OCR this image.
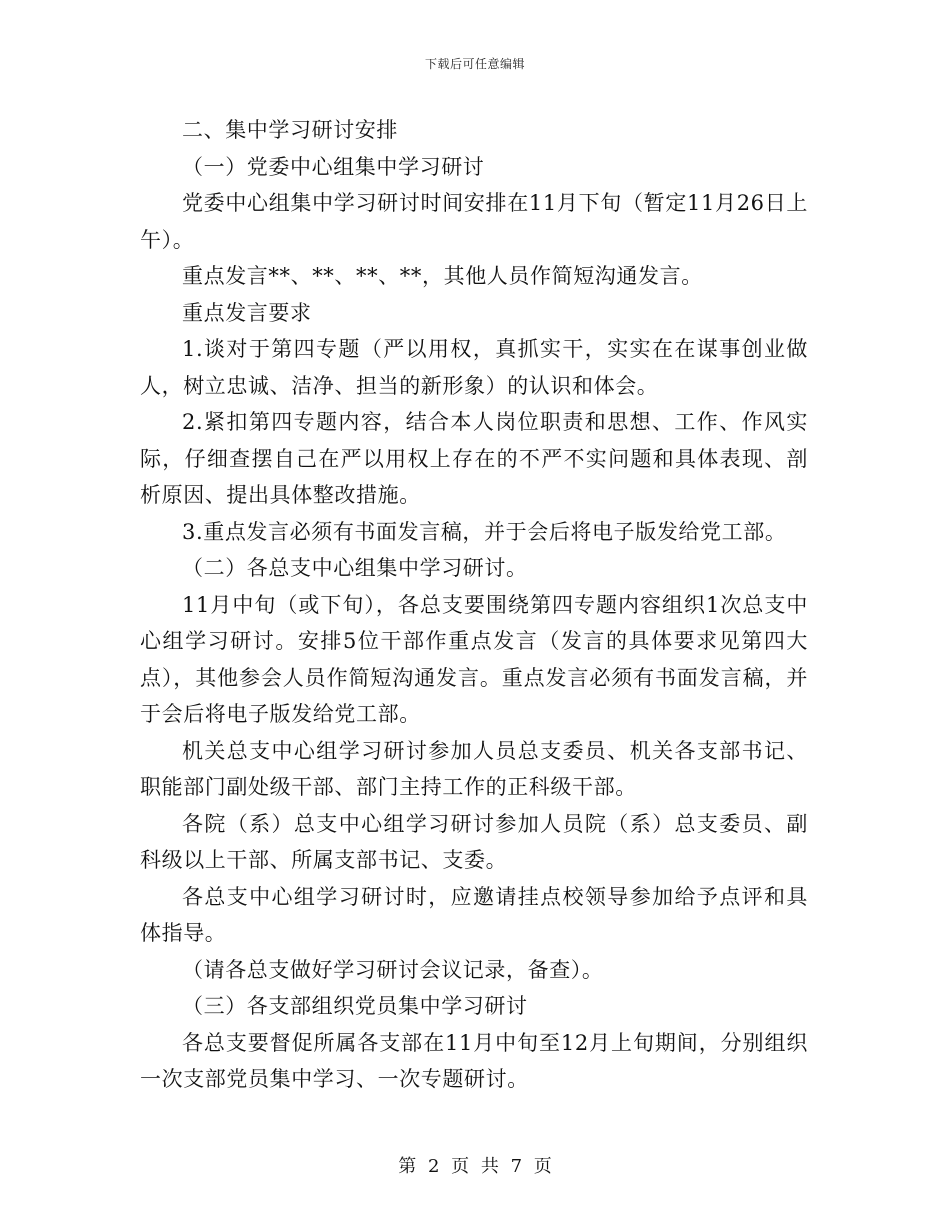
下载后可任意编辑

二、集中学习研讨安排

（一）党委中心组集中学习研讨

党委中心组集中学习研讨时间安排在11月下旬（暂定11月26日上午）。

重点发言**、**、**、**，其他人员作简短沟通发言。

重点发言要求

1.谈对于第四专题（严以用权，真抓实干，实实在在谋事创业做人，树立忠诚、洁净、担当的新形象）的认识和体会。

2.紧扣第四专题内容，结合本人岗位职责和思想、工作、作风实际，仔细查摆自己在严以用权上存在的不严不实问题和具体表现、剖析原因、提出具体整改措施。

3.重点发言必须有书面发言稿，并于会后将电子版发给党工部。

（二）各总支中心组集中学习研讨。

11月中旬（或下旬），各总支要围绕第四专题内容组织1次总支中心组学习研讨。安排5位干部作重点发言（发言的具体要求见第四大点），其他参会人员作简短沟通发言。重点发言必须有书面发言稿，并于会后将电子版发给党工部。

机关总支中心组学习研讨参加人员总支委员、机关各支部书记、职能部门副处级干部、部门主持工作的正科级干部。

各院（系）总支中心组学习研讨参加人员院（系）总支委员、副科级以上干部、所属支部书记、支委。

各总支中心组学习研讨时，应邀请挂点校领导参加给予点评和具体指导。

（请各总支做好学习研讨会议记录，备查）。

（三）各支部组织党员集中学习研讨

各总支要督促所属各支部在11月中旬至12月上旬期间，分别组织一次支部党员集中学习、一次专题研讨。

第 2 页 共 7 页
